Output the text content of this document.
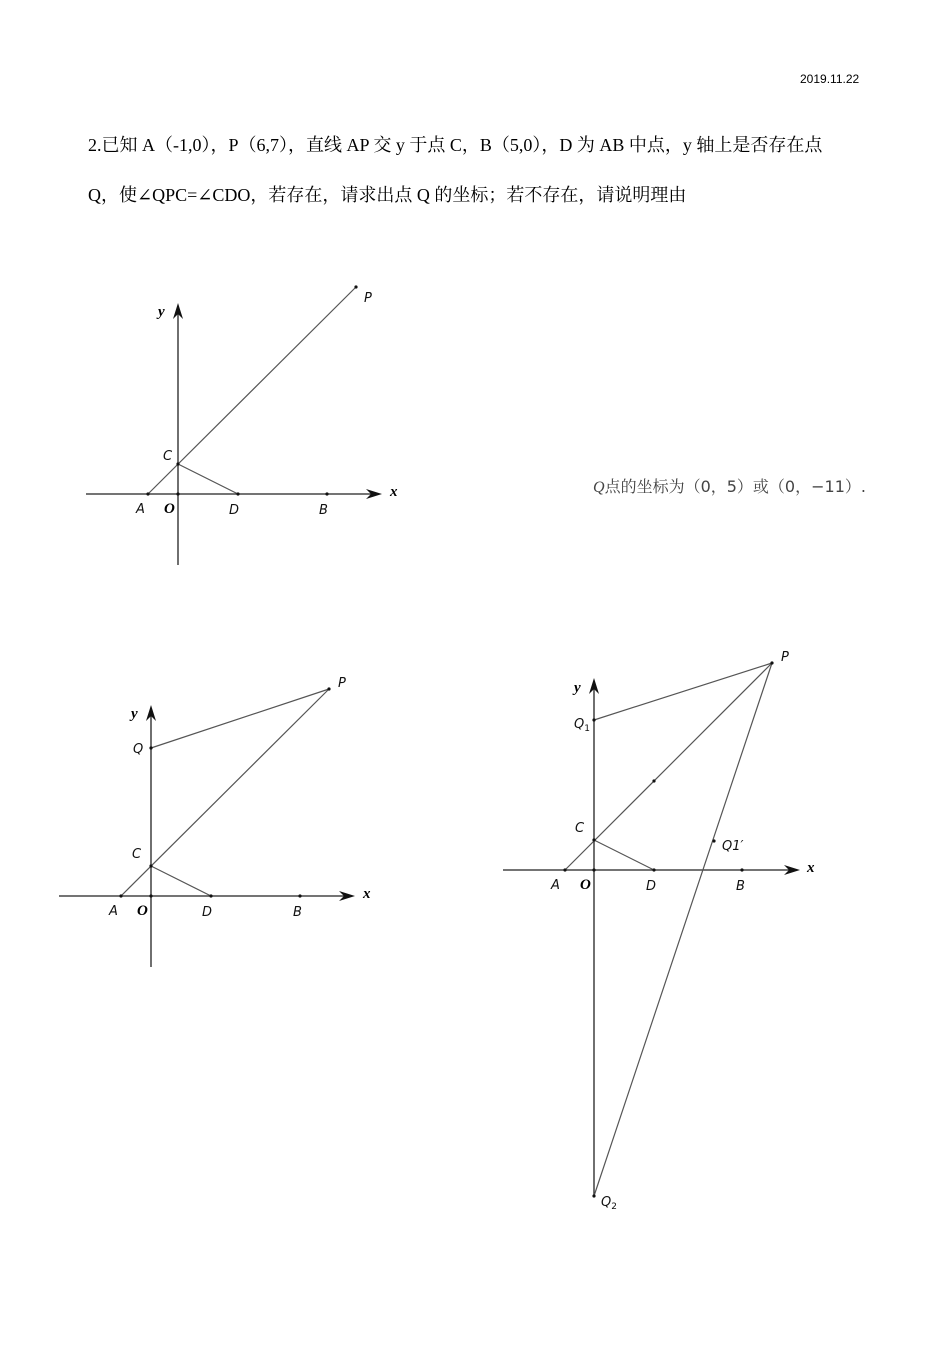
2019.11.22
2.已知 A（-1,0），P（6,7），直线 AP 交 y 于点 C，B（5,0），D 为 AB 中点，y 轴上是否存在点
Q，使∠QPC=∠CDO，若存在，请求出点 Q 的坐标；若不存在，请说明理由
Q点的坐标为（0，5）或（0，−11）.
y
x
P
C
A O	D	B
y
x
P
Q
C
A O	D	B
y
x
P
$Q_1$
C
Q1′
A O	D	B
$Q_2$
